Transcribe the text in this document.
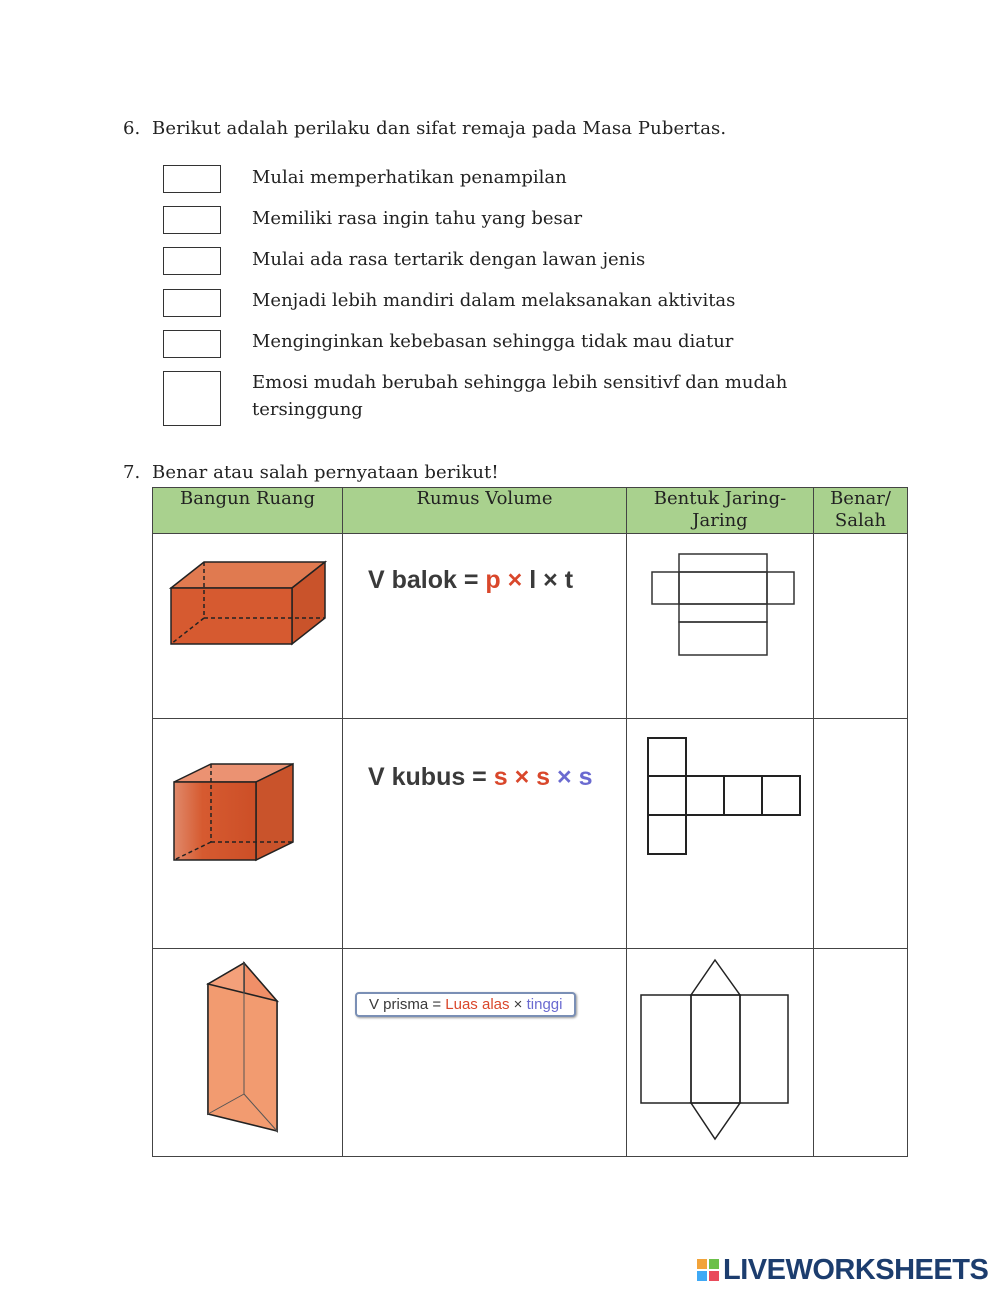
6. Berikut adalah perilaku dan sifat remaja pada Masa Pubertas.
Mulai memperhatikan penampilan
Memiliki rasa ingin tahu yang besar
Mulai ada rasa tertarik dengan lawan jenis
Menjadi lebih mandiri dalam melaksanakan aktivitas
Menginginkan kebebasan sehingga tidak mau diatur
Emosi mudah berubah sehingga lebih sensitivf dan mudah tersinggung
7. Benar atau salah pernyataan berikut!
Bangun Ruang	Rumus Volume	Bentuk Jaring-Jaring	Benar/ Salah

V balok = p × l × t

V kubus = s × s × s

V prisma = Luas alas × tinggi

LIVEWORKSHEETS
